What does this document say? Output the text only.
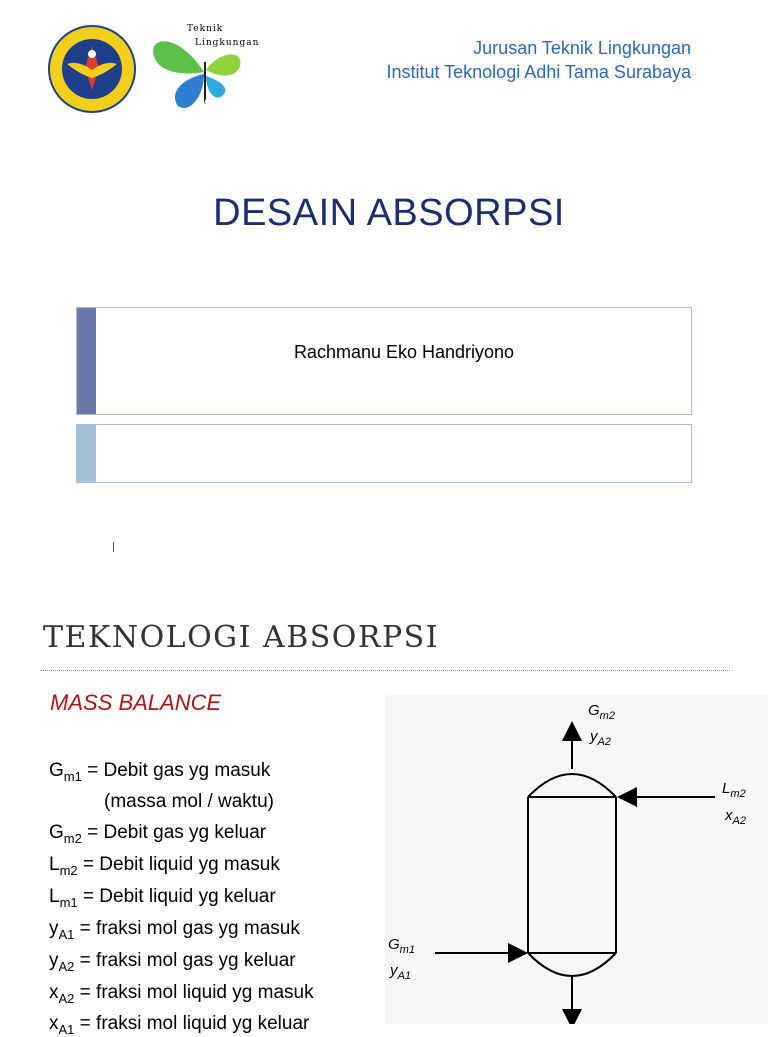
Teknik
Lingkungan
ITATS
Jurusan Teknik Lingkungan
Institut Teknologi Adhi Tama Surabaya
DESAIN ABSORPSI
Rachmanu Eko Handriyono
TEKNOLOGI ABSORPSI
MASS BALANCE
$G_{m1}$ = Debit gas yg masuk
(massa mol / waktu)
$G_{m2}$ = Debit gas yg keluar
$L_{m2}$ = Debit liquid yg masuk
$L_{m1}$ = Debit liquid yg keluar
$y_{A1}$ = fraksi mol gas yg masuk
$y_{A2}$ = fraksi mol gas yg keluar
$x_{A2}$ = fraksi mol liquid yg masuk
$x_{A1}$ = fraksi mol liquid yg keluar
$G_{m2}$
$y_{A2}$
$L_{m2}$
$x_{A2}$
$G_{m1}$
$y_{A1}$
